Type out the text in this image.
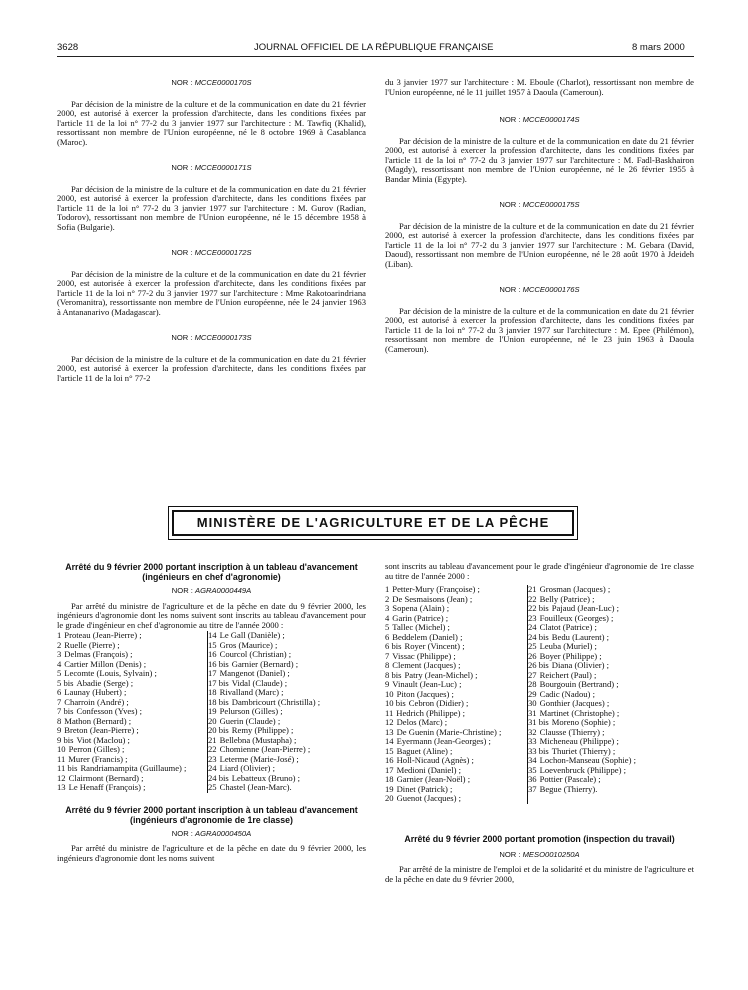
3628	JOURNAL OFFICIEL DE LA RÉPUBLIQUE FRANÇAISE	8 mars 2000
NOR : MCCE0000170S

Par décision de la ministre de la culture et de la communication en date du 21 février 2000, est autorisé à exercer la profession d'architecte, dans les conditions fixées par l'article 11 de la loi n° 77-2 du 3 janvier 1977 sur l'architecture : M. Tawfiq (Khalid), ressortissant non membre de l'Union européenne, né le 8 octobre 1969 à Casablanca (Maroc).

NOR : MCCE0000171S

Par décision de la ministre de la culture et de la communication en date du 21 février 2000, est autorisé à exercer la profession d'architecte, dans les conditions fixées par l'article 11 de la loi n° 77-2 du 3 janvier 1977 sur l'architecture : M. Gurov (Radian, Todorov), ressortissant non membre de l'Union européenne, né le 15 décembre 1958 à Sofia (Bulgarie).

NOR : MCCE0000172S

Par décision de la ministre de la culture et de la communication en date du 21 février 2000, est autorisée à exercer la profession d'architecte, dans les conditions fixées par l'article 11 de la loi n° 77-2 du 3 janvier 1977 sur l'architecture : Mme Rakotoarindriana (Veromanitra), ressortissante non membre de l'Union européenne, née le 24 janvier 1963 à Antananarivo (Madagascar).

NOR : MCCE0000173S

Par décision de la ministre de la culture et de la communication en date du 21 février 2000, est autorisé à exercer la profession d'architecte, dans les conditions fixées par l'article 11 de la loi n° 77-2

du 3 janvier 1977 sur l'architecture : M. Eboule (Charlot), ressortissant non membre de l'Union européenne, né le 11 juillet 1957 à Daoula (Cameroun).

NOR : MCCE0000174S

Par décision de la ministre de la culture et de la communication en date du 21 février 2000, est autorisé à exercer la profession d'architecte, dans les conditions fixées par l'article 11 de la loi n° 77-2 du 3 janvier 1977 sur l'architecture : M. Fadl-Baskhairon (Magdy), ressortissant non membre de l'Union européenne, né le 26 février 1955 à Bandar Minia (Egypte).

NOR : MCCE0000175S

Par décision de la ministre de la culture et de la communication en date du 21 février 2000, est autorisé à exercer la profession d'architecte, dans les conditions fixées par l'article 11 de la loi n° 77-2 du 3 janvier 1977 sur l'architecture : M. Gebara (David, Daoud), ressortissant non membre de l'Union européenne, né le 28 août 1970 à Jdeideh (Liban).

NOR : MCCE0000176S

Par décision de la ministre de la culture et de la communication en date du 21 février 2000, est autorisé à exercer la profession d'architecte, dans les conditions fixées par l'article 11 de la loi n° 77-2 du 3 janvier 1977 sur l'architecture : M. Epee (Philémon), ressortissant non membre de l'Union européenne, né le 23 juin 1963 à Daoula (Cameroun).

MINISTÈRE DE L'AGRICULTURE ET DE LA PÊCHE
Arrêté du 9 février 2000 portant inscription à un tableau d'avancement (ingénieurs en chef d'agronomie)
NOR : AGRA0000449A

Par arrêté du ministre de l'agriculture et de la pêche en date du 9 février 2000, les ingénieurs d'agronomie dont les noms suivent sont inscrits au tableau d'avancement pour le grade d'ingénieur en chef d'agronomie au titre de l'année 2000 :

1 Proteau (Jean-Pierre) ;
2 Ruelle (Pierre) ;
3 Delmas (François) ;
4 Cartier Millon (Denis) ;
5 Lecomte (Louis, Sylvain) ;
5 bis Abadie (Serge) ;
6 Launay (Hubert) ;
7 Charroin (André) ;
7 bis Confesson (Yves) ;
8 Mathon (Bernard) ;
9 Breton (Jean-Pierre) ;
9 bis Viot (Maclou) ;
10 Perron (Gilles) ;
11 Murer (Francis) ;
11 bis Randriamampita (Guillaume) ;
12 Clairmont (Bernard) ;
13 Le Henaff (François) ;
14 Le Gall (Danièle) ;
15 Gros (Maurice) ;
16 Courcol (Christian) ;
16 bis Garnier (Bernard) ;
17 Mangenot (Daniel) ;
17 bis Vidal (Claude) ;
18 Rivalland (Marc) ;
18 bis Dambricourt (Christilla) ;
19 Pelurson (Gilles) ;
20 Guerin (Claude) ;
20 bis Remy (Philippe) ;
21 Bellebna (Mustapha) ;
22 Chomienne (Jean-Pierre) ;
23 Leterme (Marie-José) ;
24 Liard (Olivier) ;
24 bis Lebatteux (Bruno) ;
25 Chastel (Jean-Marc).
Arrêté du 9 février 2000 portant inscription à un tableau d'avancement (ingénieurs d'agronomie de 1re classe)
NOR : AGRA0000450A

Par arrêté du ministre de l'agriculture et de la pêche en date du 9 février 2000, les ingénieurs d'agronomie dont les noms suivent

sont inscrits au tableau d'avancement pour le grade d'ingénieur d'agronomie de 1re classe au titre de l'année 2000 :

1 Petter-Mury (Françoise) ;
2 De Sesmaisons (Jean) ;
3 Sopena (Alain) ;
4 Garin (Patrice) ;
5 Tallec (Michel) ;
6 Beddelem (Daniel) ;
6 bis Royer (Vincent) ;
7 Vissac (Philippe) ;
8 Clement (Jacques) ;
8 bis Patry (Jean-Michel) ;
9 Vinault (Jean-Luc) ;
10 Piton (Jacques) ;
10 bis Cebron (Didier) ;
11 Hedrich (Philippe) ;
12 Delos (Marc) ;
13 De Guenin (Marie-Christine) ;
14 Eyermann (Jean-Georges) ;
15 Baguet (Aline) ;
16 Holl-Nicaud (Agnès) ;
17 Medioni (Daniel) ;
18 Garnier (Jean-Noël) ;
19 Dinet (Patrick) ;
20 Guenot (Jacques) ;
21 Grosman (Jacques) ;
22 Belly (Patrice) ;
22 bis Pajaud (Jean-Luc) ;
23 Fouilleux (Georges) ;
24 Clatot (Patrice) ;
24 bis Bedu (Laurent) ;
25 Leuba (Muriel) ;
26 Boyer (Philippe) ;
26 bis Diana (Olivier) ;
27 Reichert (Paul) ;
28 Bourgouin (Bertrand) ;
29 Cadic (Nadou) ;
30 Gonthier (Jacques) ;
31 Martinet (Christophe) ;
31 bis Moreno (Sophie) ;
32 Clausse (Thierry) ;
33 Micheneau (Philippe) ;
33 bis Thuriet (Thierry) ;
34 Lochon-Manseau (Sophie) ;
35 Loevenbruck (Philippe) ;
36 Pottier (Pascale) ;
37 Begue (Thierry).
Arrêté du 9 février 2000 portant promotion (inspection du travail)
NOR : MESO0010250A

Par arrêté de la ministre de l'emploi et de la solidarité et du ministre de l'agriculture et de la pêche en date du 9 février 2000,
